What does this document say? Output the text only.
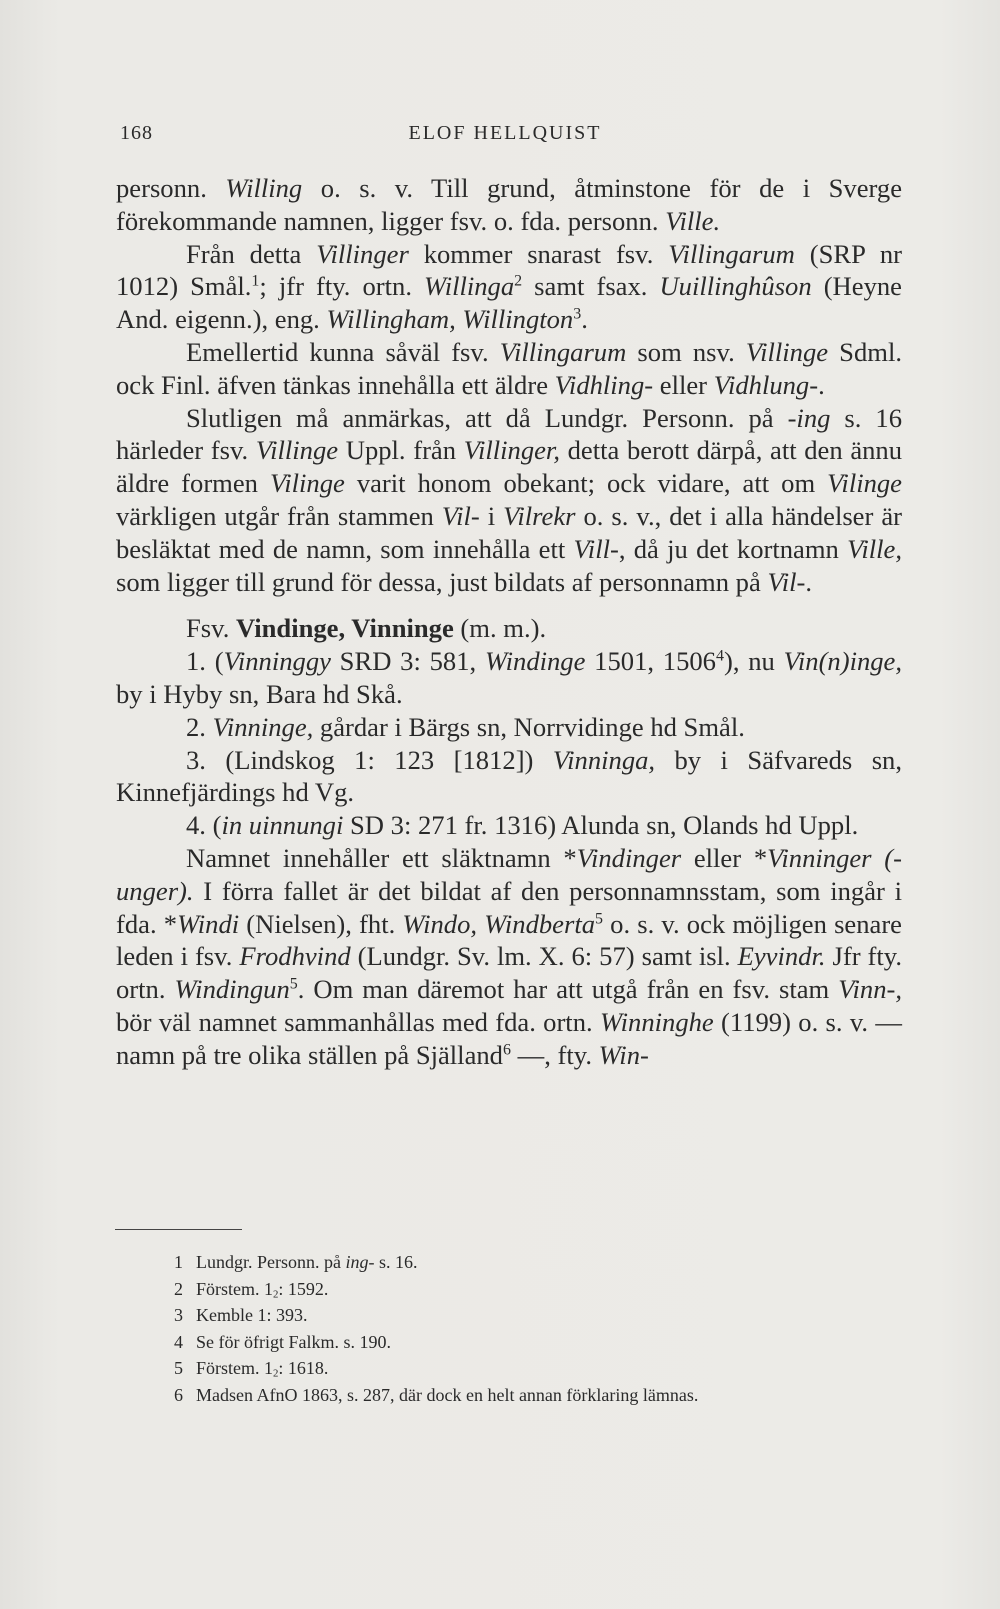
168	ELOF HELLQUIST

personn. Willing o. s. v. Till grund, åtminstone för de i Sverge förekommande namnen, ligger fsv. o. fda. personn. Ville.

Från detta Villinger kommer snarast fsv. Villingarum (SRP nr 1012) Smål.$^1$; jfr fty. ortn. Willinga$^2$ samt fsax. Uuillinghûson (Heyne And. eigenn.), eng. Willingham, Willington$^3$.

Emellertid kunna såväl fsv. Villingarum som nsv. Villinge Sdml. ock Finl. äfven tänkas innehålla ett äldre Vidhling- eller Vidhlung-.

Slutligen må anmärkas, att då Lundgr. Personn. på -ing s. 16 härleder fsv. Villinge Uppl. från Villinger, detta berott därpå, att den ännu äldre formen Vilinge varit honom obekant; ock vidare, att om Vilinge värkligen utgår från stammen Vil- i Vilrekr o. s. v., det i alla händelser är besläktat med de namn, som innehålla ett Vill-, då ju det kortnamn Ville, som ligger till grund för dessa, just bildats af personnamn på Vil-.

Fsv. Vindinge, Vinninge (m. m.).

1. (Vinninggy SRD 3: 581, Windinge 1501, 1506$^4$), nu Vin(n)inge, by i Hyby sn, Bara hd Skå.

2. Vinninge, gårdar i Bärgs sn, Norrvidinge hd Smål.

3. (Lindskog 1: 123 [1812]) Vinninga, by i Säfvareds sn, Kinnefjärdings hd Vg.

4. (in uinnungi SD 3: 271 fr. 1316) Alunda sn, Olands hd Uppl.

Namnet innehåller ett släktnamn *Vindinger eller *Vinninger (-unger). I förra fallet är det bildat af den personnamnsstam, som ingår i fda. *Windi (Nielsen), fht. Windo, Windberta$^5$ o. s. v. ock möjligen senare leden i fsv. Frodhvind (Lundgr. Sv. lm. X. 6: 57) samt isl. Eyvindr. Jfr fty. ortn. Windingun$^5$. Om man däremot har att utgå från en fsv. stam Vinn-, bör väl namnet sammanhållas med fda. ortn. Winninghe (1199) o. s. v. — namn på tre olika ställen på Själland$^6$ —, fty. Win-

1 Lundgr. Personn. på ing- s. 16.
2 Förstem. $1_2$: 1592.
3 Kemble 1: 393.
4 Se för öfrigt Falkm. s. 190.
5 Förstem. $1_2$: 1618.
6 Madsen AfnO 1863, s. 287, där dock en helt annan förklaring lämnas.
